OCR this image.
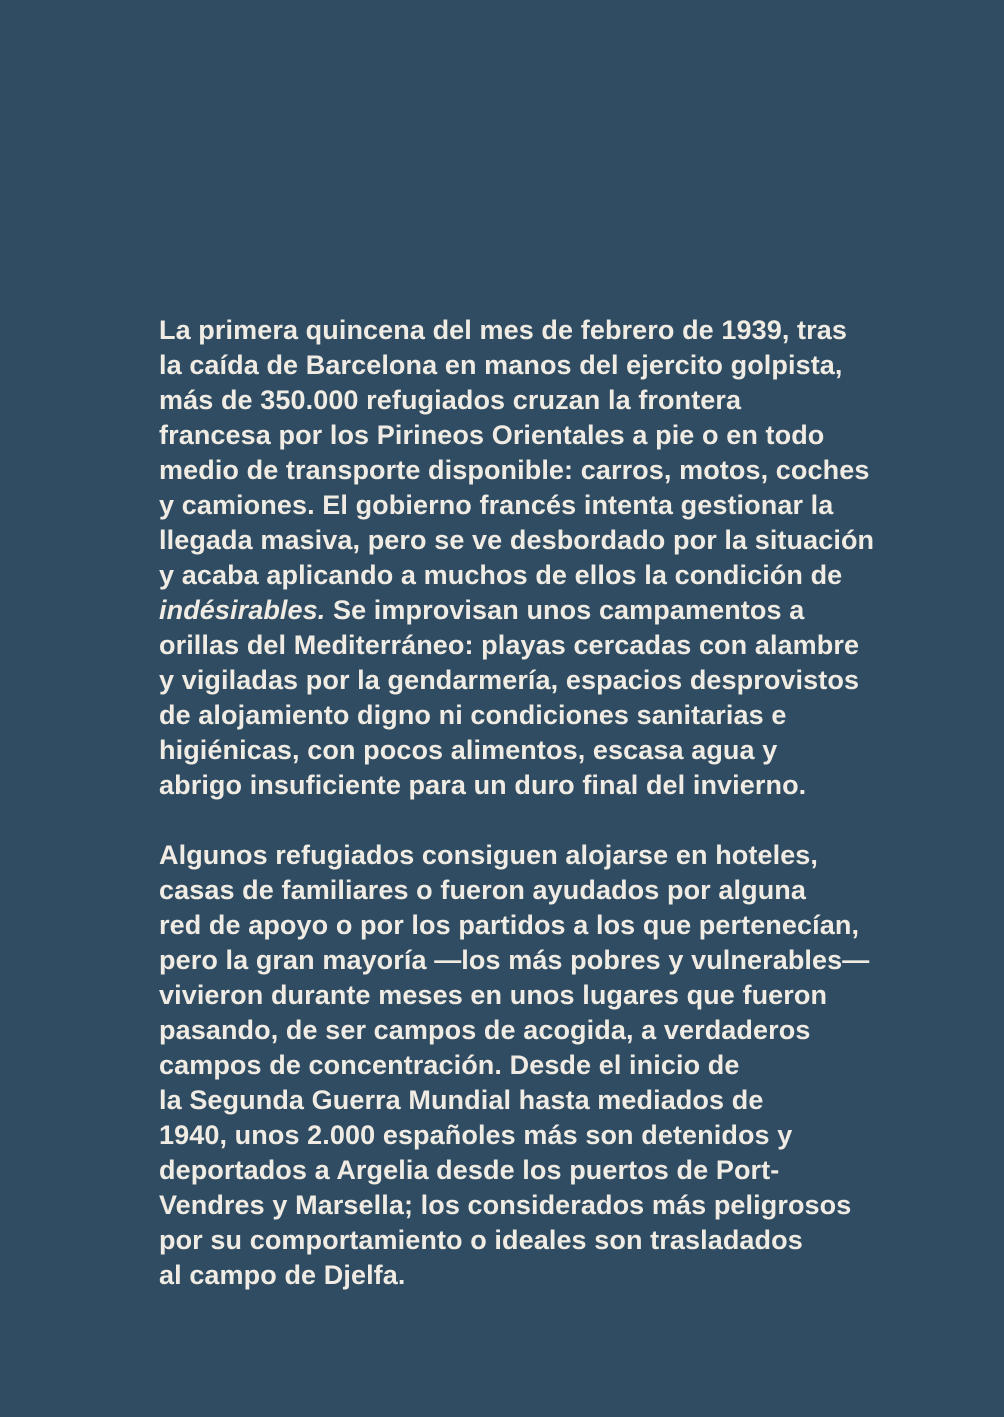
La primera quincena del mes de febrero de 1939, tras
la caída de Barcelona en manos del ejercito golpista,
más de 350.000 refugiados cruzan la frontera
francesa por los Pirineos Orientales a pie o en todo
medio de transporte disponible: carros, motos, coches
y camiones. El gobierno francés intenta gestionar la
llegada masiva, pero se ve desbordado por la situación
y acaba aplicando a muchos de ellos la condición de
indésirables. Se improvisan unos campamentos a
orillas del Mediterráneo: playas cercadas con alambre
y vigiladas por la gendarmería, espacios desprovistos
de alojamiento digno ni condiciones sanitarias e
higiénicas, con pocos alimentos, escasa agua y
abrigo insuficiente para un duro final del invierno.
Algunos refugiados consiguen alojarse en hoteles,
casas de familiares o fueron ayudados por alguna
red de apoyo o por los partidos a los que pertenecían,
pero la gran mayoría —los más pobres y vulnerables—
vivieron durante meses en unos lugares que fueron
pasando, de ser campos de acogida, a verdaderos
campos de concentración. Desde el inicio de
la Segunda Guerra Mundial hasta mediados de
1940, unos 2.000 españoles más son detenidos y
deportados a Argelia desde los puertos de Port-
Vendres y Marsella; los considerados más peligrosos
por su comportamiento o ideales son trasladados
al campo de Djelfa.
